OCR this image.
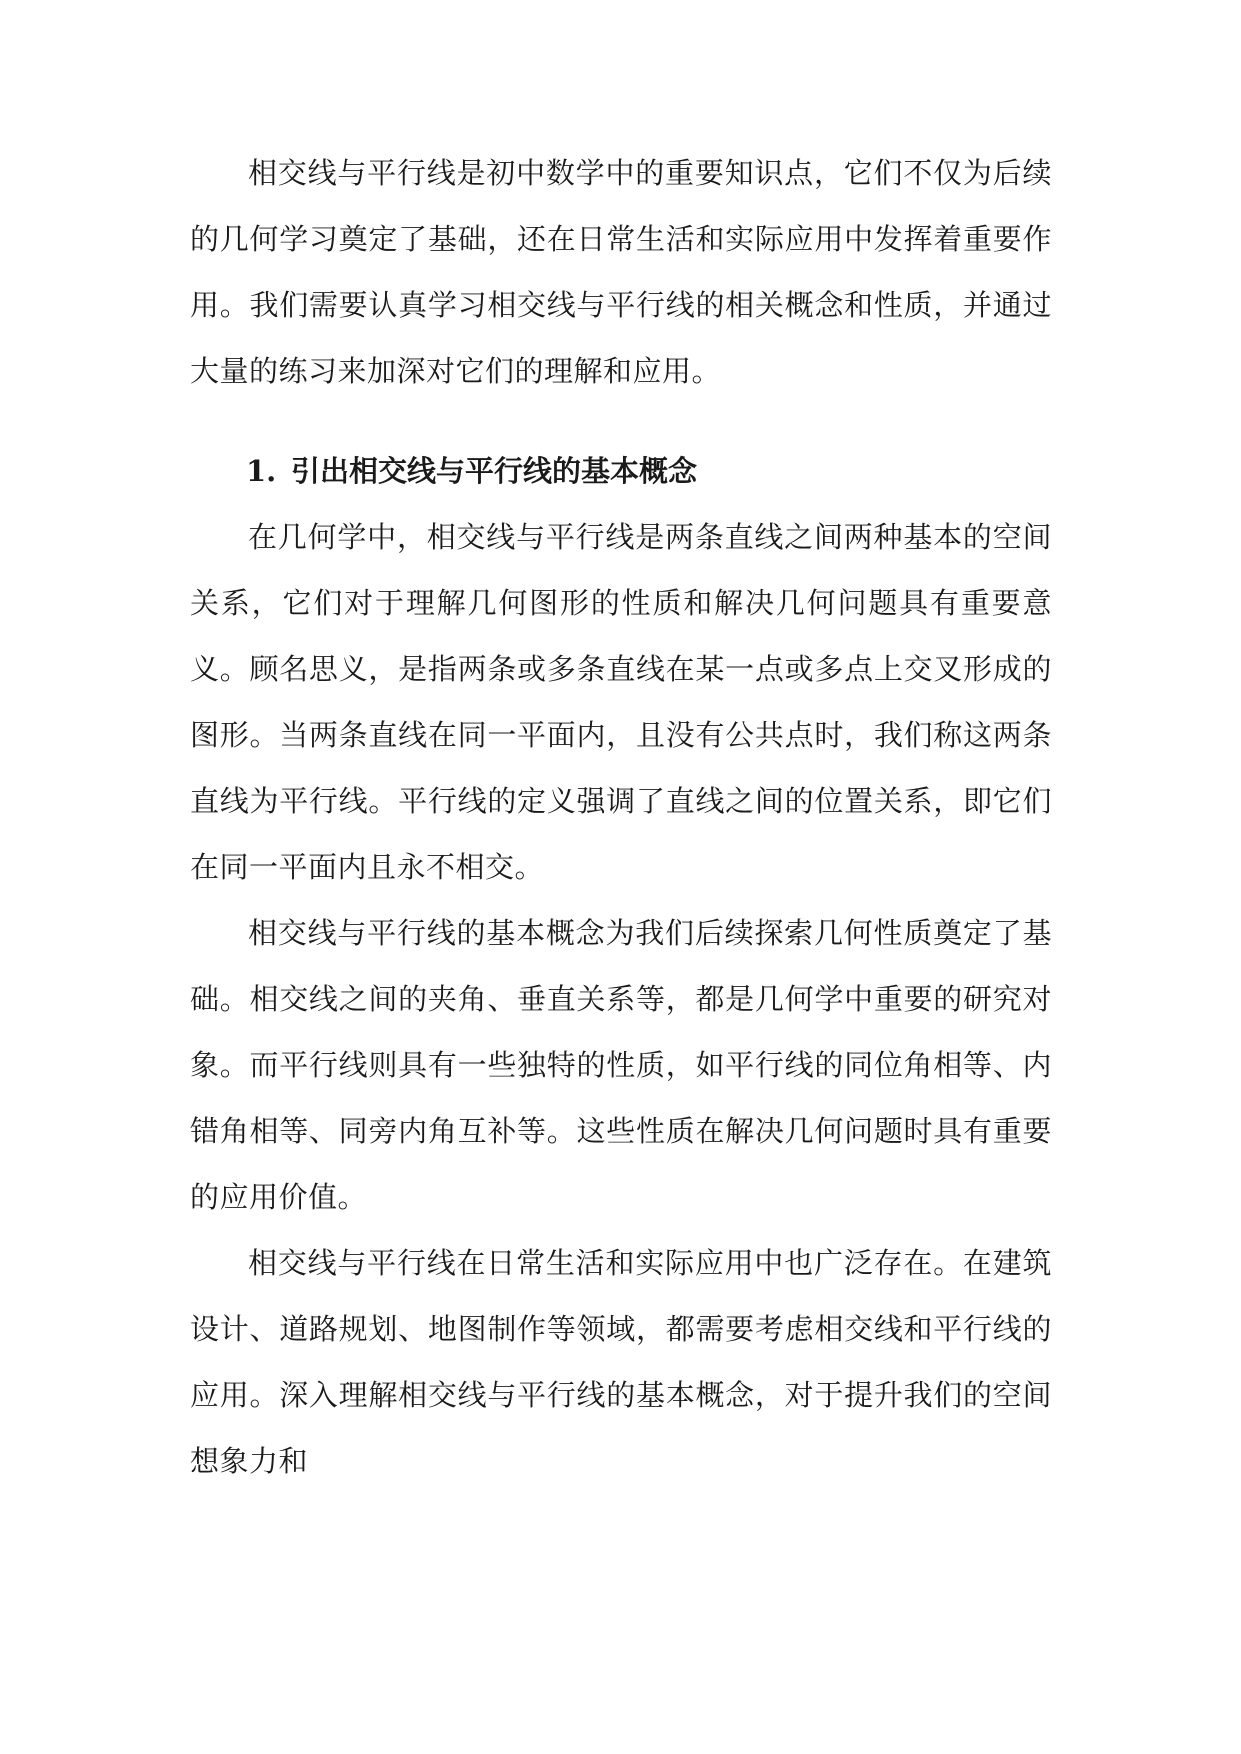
相交线与平行线是初中数学中的重要知识点，它们不仅为后续的几何学习奠定了基础，还在日常生活和实际应用中发挥着重要作用。我们需要认真学习相交线与平行线的相关概念和性质，并通过大量的练习来加深对它们的理解和应用。

1. 引出相交线与平行线的基本概念

在几何学中，相交线与平行线是两条直线之间两种基本的空间关系，它们对于理解几何图形的性质和解决几何问题具有重要意义。顾名思义，是指两条或多条直线在某一点或多点上交叉形成的图形。当两条直线在同一平面内，且没有公共点时，我们称这两条直线为平行线。平行线的定义强调了直线之间的位置关系，即它们在同一平面内且永不相交。

相交线与平行线的基本概念为我们后续探索几何性质奠定了基础。相交线之间的夹角、垂直关系等，都是几何学中重要的研究对象。而平行线则具有一些独特的性质，如平行线的同位角相等、内错角相等、同旁内角互补等。这些性质在解决几何问题时具有重要的应用价值。

相交线与平行线在日常生活和实际应用中也广泛存在。在建筑设计、道路规划、地图制作等领域，都需要考虑相交线和平行线的应用。深入理解相交线与平行线的基本概念，对于提升我们的空间想象力和
